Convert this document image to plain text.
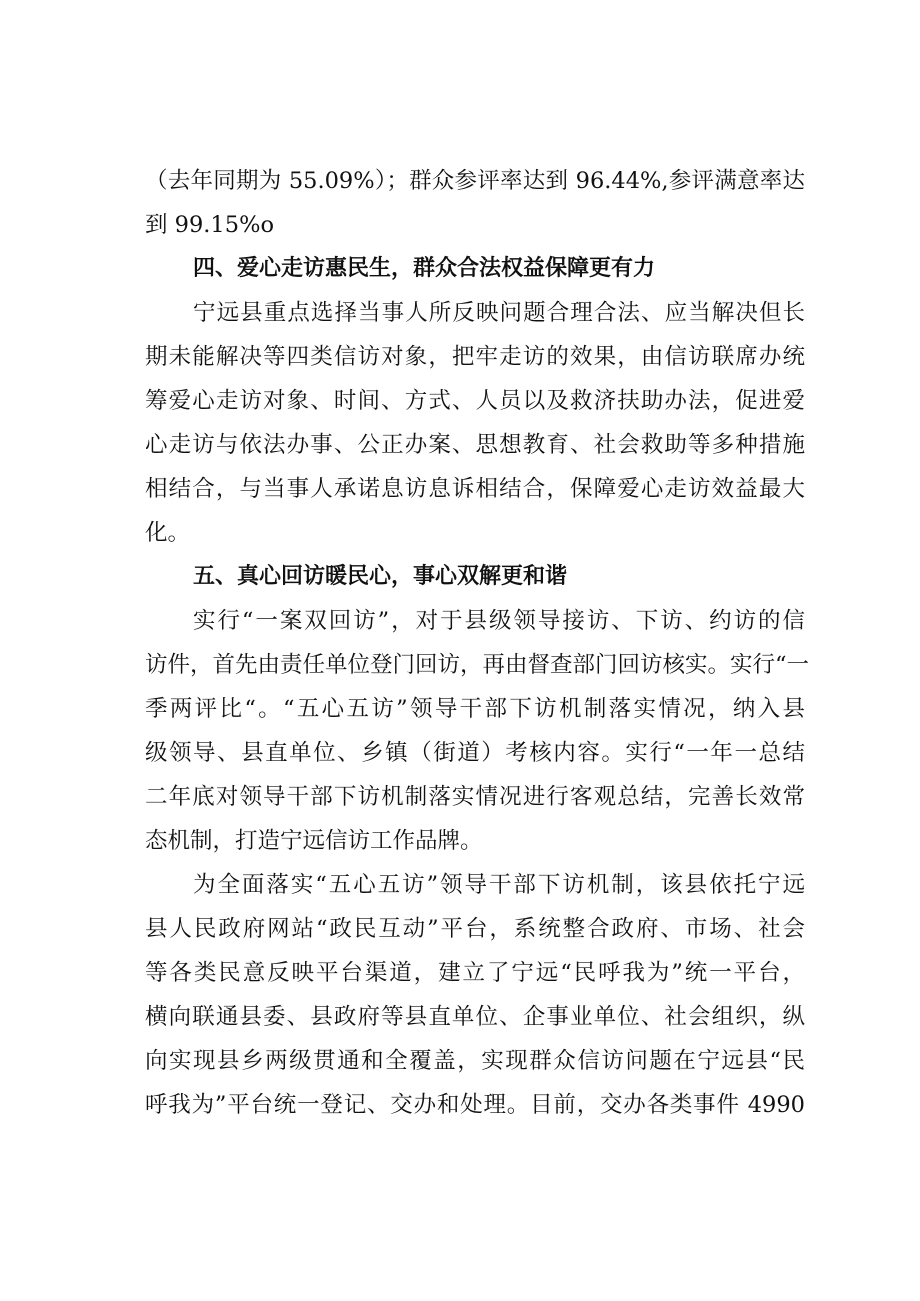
（去年同期为 55.09%）；群众参评率达到 96.44%,参评满意率达
到 99.15%o
四、爱心走访惠民生，群众合法权益保障更有力
宁远县重点选择当事人所反映问题合理合法、应当解决但长
期未能解决等四类信访对象，把牢走访的效果，由信访联席办统
筹爱心走访对象、时间、方式、人员以及救济扶助办法，促进爱
心走访与依法办事、公正办案、思想教育、社会救助等多种措施
相结合，与当事人承诺息访息诉相结合，保障爱心走访效益最大
化。
五、真心回访暖民心，事心双解更和谐
实行“一案双回访”，对于县级领导接访、下访、约访的信
访件，首先由责任单位登门回访，再由督查部门回访核实。实行“一
季两评比“。“五心五访”领导干部下访机制落实情况，纳入县
级领导、县直单位、乡镇（街道）考核内容。实行“一年一总结
二年底对领导干部下访机制落实情况进行客观总结，完善长效常
态机制，打造宁远信访工作品牌。
为全面落实“五心五访”领导干部下访机制，该县依托宁远
县人民政府网站“政民互动”平台，系统整合政府、市场、社会
等各类民意反映平台渠道，建立了宁远“民呼我为”统一平台，
横向联通县委、县政府等县直单位、企事业单位、社会组织，纵
向实现县乡两级贯通和全覆盖，实现群众信访问题在宁远县“民
呼我为”平台统一登记、交办和处理。目前，交办各类事件 4990
